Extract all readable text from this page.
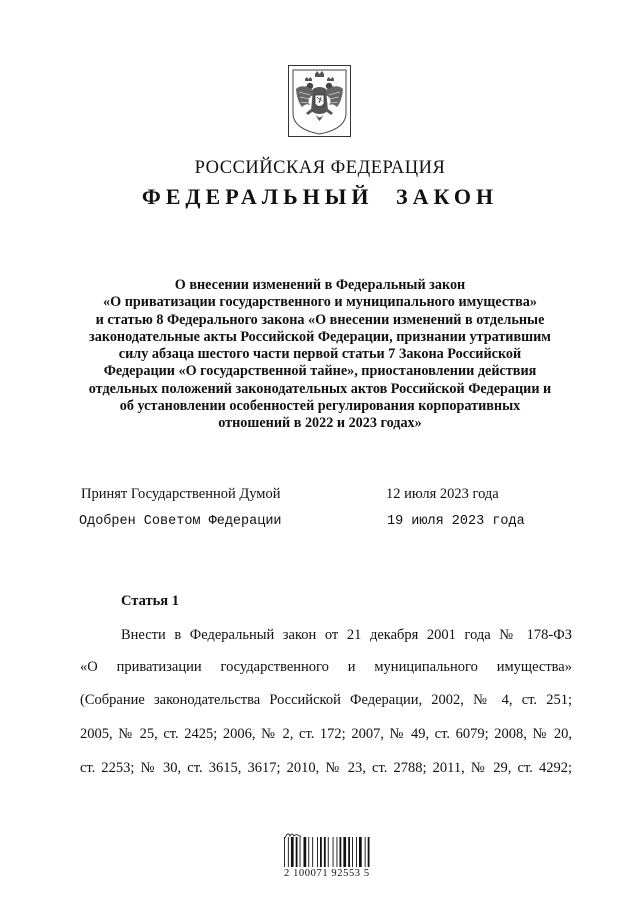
РОССИЙСКАЯ ФЕДЕРАЦИЯ
ФЕДЕРАЛЬНЫЙ ЗАКОН
О внесении изменений в Федеральный закон
«О приватизации государственного и муниципального имущества»
и статью 8 Федерального закона «О внесении изменений в отдельные
законодательные акты Российской Федерации, признании утратившим
силу абзаца шестого части первой статьи 7 Закона Российской
Федерации «О государственной тайне», приостановлении действия
отдельных положений законодательных актов Российской Федерации и
об установлении особенностей регулирования корпоративных
отношений в 2022 и 2023 годах»
Принят Государственной Думой	12 июля 2023 года
Одобрен Советом Федерации	19 июля 2023 года
Статья 1
Внести в Федеральный закон от 21 декабря 2001 года № 178-ФЗ
«О приватизации государственного и муниципального имущества»
(Собрание законодательства Российской Федерации, 2002, № 4, ст. 251;
2005, № 25, ст. 2425; 2006, № 2, ст. 172; 2007, № 49, ст. 6079; 2008, № 20,
ст. 2253; № 30, ст. 3615, 3617; 2010, № 23, ст. 2788; 2011, № 29, ст. 4292;
2 100071 92553 5
